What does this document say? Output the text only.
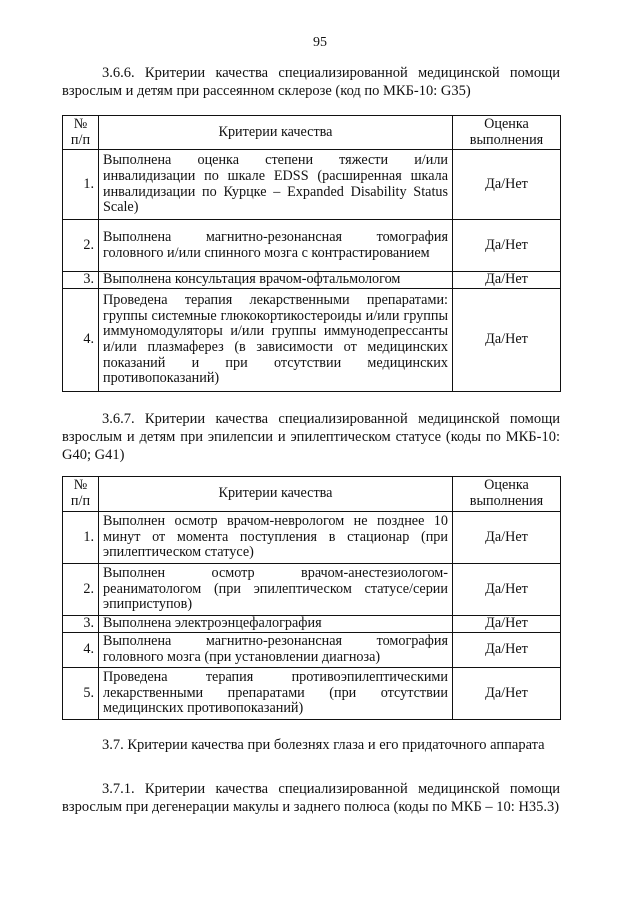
95
3.6.6. Критерии качества специализированной медицинской помощи взрослым и детям при рассеянном склерозе (код по МКБ-10: G35)
№ п/п	Критерии качества	Оценка выполнения
1.	Выполнена оценка степени тяжести и/или инвалидизации по шкале EDSS (расширенная шкала инвалидизации по Курцке – Expanded Disability Status Scale)	Да/Нет
2.	Выполнена магнитно-резонансная томография головного и/или спинного мозга с контрастированием	Да/Нет
3.	Выполнена консультация врачом-офтальмологом	Да/Нет
4.	Проведена терапия лекарственными препаратами: группы системные глюкокортикостероиды и/или группы иммуномодуляторы и/или группы иммунодепрессанты и/или плазмаферез (в зависимости от медицинских показаний и при отсутствии медицинских противопоказаний)	Да/Нет
3.6.7. Критерии качества специализированной медицинской помощи взрослым и детям при эпилепсии и эпилептическом статусе (коды по МКБ-10: G40; G41)
№ п/п	Критерии качества	Оценка выполнения
1.	Выполнен осмотр врачом-неврологом не позднее 10 минут от момента поступления в стационар (при эпилептическом статусе)	Да/Нет
2.	Выполнен осмотр врачом-анестезиологом-реаниматологом (при эпилептическом статусе/серии эпиприступов)	Да/Нет
3.	Выполнена электроэнцефалография	Да/Нет
4.	Выполнена магнитно-резонансная томография головного мозга (при установлении диагноза)	Да/Нет
5.	Проведена терапия противоэпилептическими лекарственными препаратами (при отсутствии медицинских противопоказаний)	Да/Нет
3.7. Критерии качества при болезнях глаза и его придаточного аппарата
3.7.1. Критерии качества специализированной медицинской помощи взрослым при дегенерации макулы и заднего полюса (коды по МКБ – 10: H35.3)
